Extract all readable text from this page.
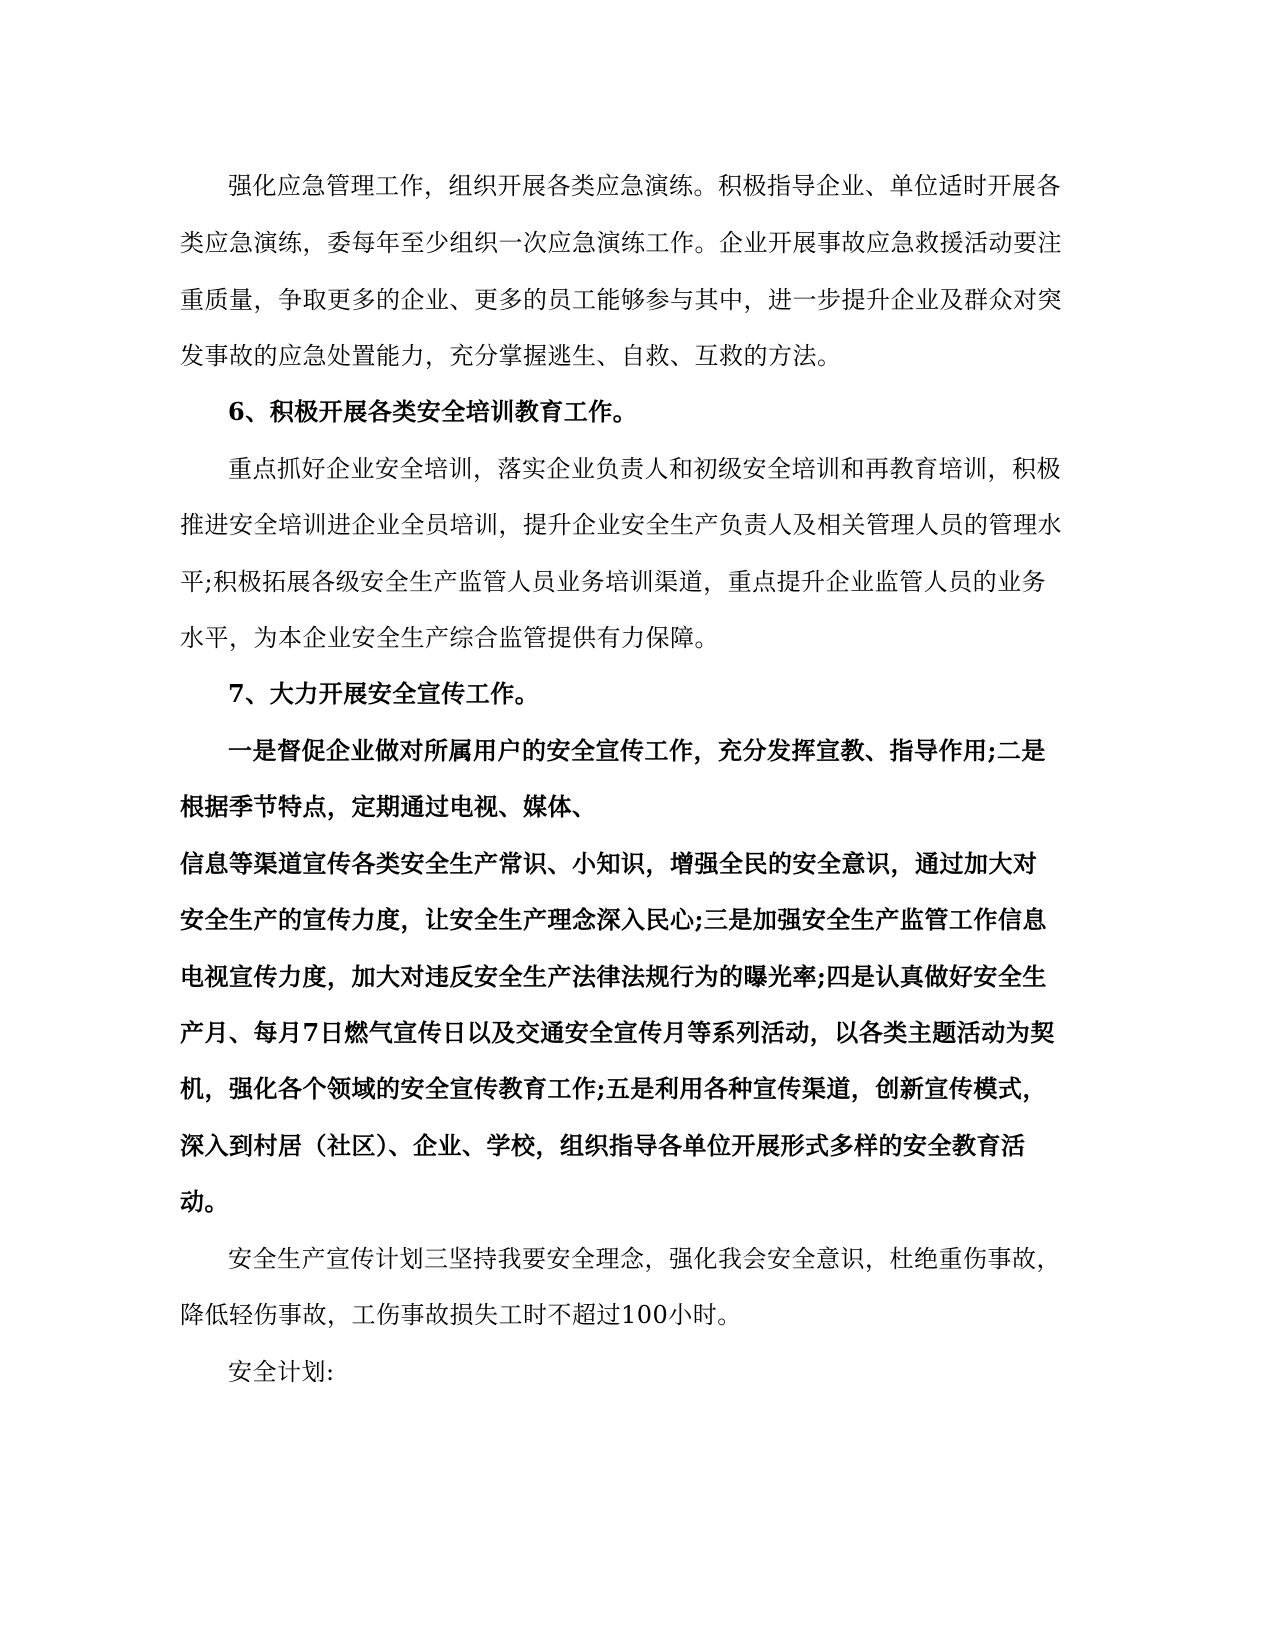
强化应急管理工作，组织开展各类应急演练。积极指导企业、单位适时开展各
类应急演练，委每年至少组织一次应急演练工作。企业开展事故应急救援活动要注
重质量，争取更多的企业、更多的员工能够参与其中，进一步提升企业及群众对突
发事故的应急处置能力，充分掌握逃生、自救、互救的方法。
6、积极开展各类安全培训教育工作。
重点抓好企业安全培训，落实企业负责人和初级安全培训和再教育培训，积极
推进安全培训进企业全员培训，提升企业安全生产负责人及相关管理人员的管理水
平;积极拓展各级安全生产监管人员业务培训渠道，重点提升企业监管人员的业务
水平，为本企业安全生产综合监管提供有力保障。
7、大力开展安全宣传工作。
一是督促企业做对所属用户的安全宣传工作，充分发挥宣教、指导作用;二是
根据季节特点，定期通过电视、媒体、
信息等渠道宣传各类安全生产常识、小知识，增强全民的安全意识，通过加大对
安全生产的宣传力度，让安全生产理念深入民心;三是加强安全生产监管工作信息
电视宣传力度，加大对违反安全生产法律法规行为的曝光率;四是认真做好安全生
产月、每月7日燃气宣传日以及交通安全宣传月等系列活动，以各类主题活动为契
机，强化各个领域的安全宣传教育工作;五是利用各种宣传渠道，创新宣传模式，
深入到村居（社区）、企业、学校，组织指导各单位开展形式多样的安全教育活
动。
安全生产宣传计划三坚持我要安全理念，强化我会安全意识，杜绝重伤事故，
降低轻伤事故，工伤事故损失工时不超过100小时。
安全计划:
